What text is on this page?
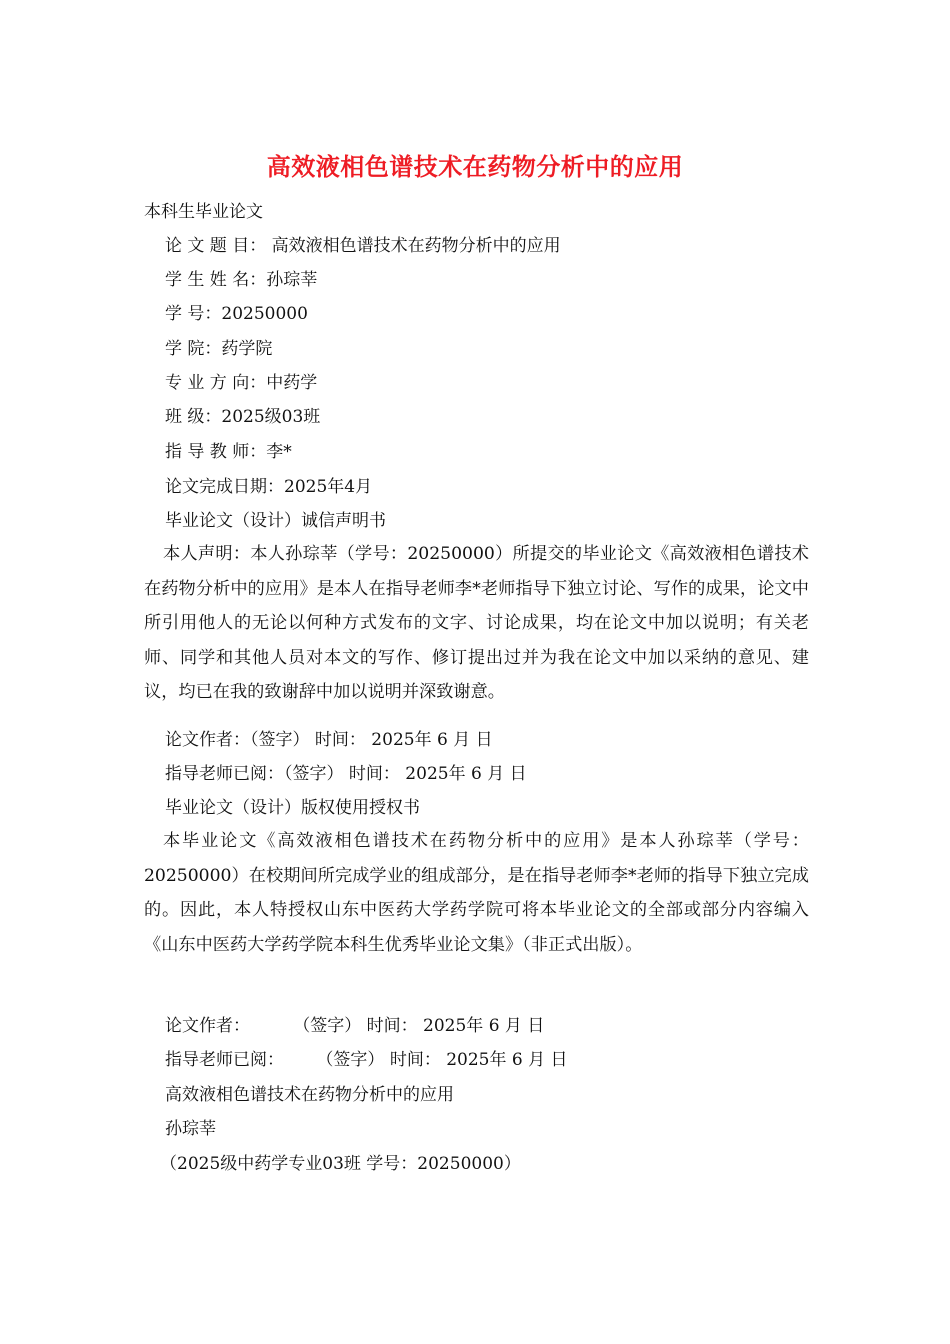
高效液相色谱技术在药物分析中的应用
本科生毕业论文
论 文 题 目： 高效液相色谱技术在药物分析中的应用
学 生 姓 名：孙琮莘
学 号：20250000
学 院：药学院
专 业 方 向：中药学
班 级：2025级03班
指 导 教 师：李*
论文完成日期：2025年4月
毕业论文（设计）诚信声明书
本人声明：本人孙琮莘（学号：20250000）所提交的毕业论文《高效液相色谱技术在药物分析中的应用》是本人在指导老师李*老师指导下独立讨论、写作的成果，论文中所引用他人的无论以何种方式发布的文字、讨论成果，均在论文中加以说明；有关老师、同学和其他人员对本文的写作、修订提出过并为我在论文中加以采纳的意见、建议，均已在我的致谢辞中加以说明并深致谢意。
论文作者：（签字） 时间： 2025年 6 月 日
指导老师已阅：（签字） 时间： 2025年 6 月 日
毕业论文（设计）版权使用授权书
本毕业论文《高效液相色谱技术在药物分析中的应用》是本人孙琮莘（学号：20250000）在校期间所完成学业的组成部分，是在指导老师李*老师的指导下独立完成的。因此，本人特授权山东中医药大学药学院可将本毕业论文的全部或部分内容编入《山东中医药大学药学院本科生优秀毕业论文集》（非正式出版）。
论文作者：        （签字） 时间： 2025年 6 月 日
指导老师已阅：      （签字） 时间： 2025年 6 月 日
高效液相色谱技术在药物分析中的应用
孙琮莘
（2025级中药学专业03班 学号：20250000）
